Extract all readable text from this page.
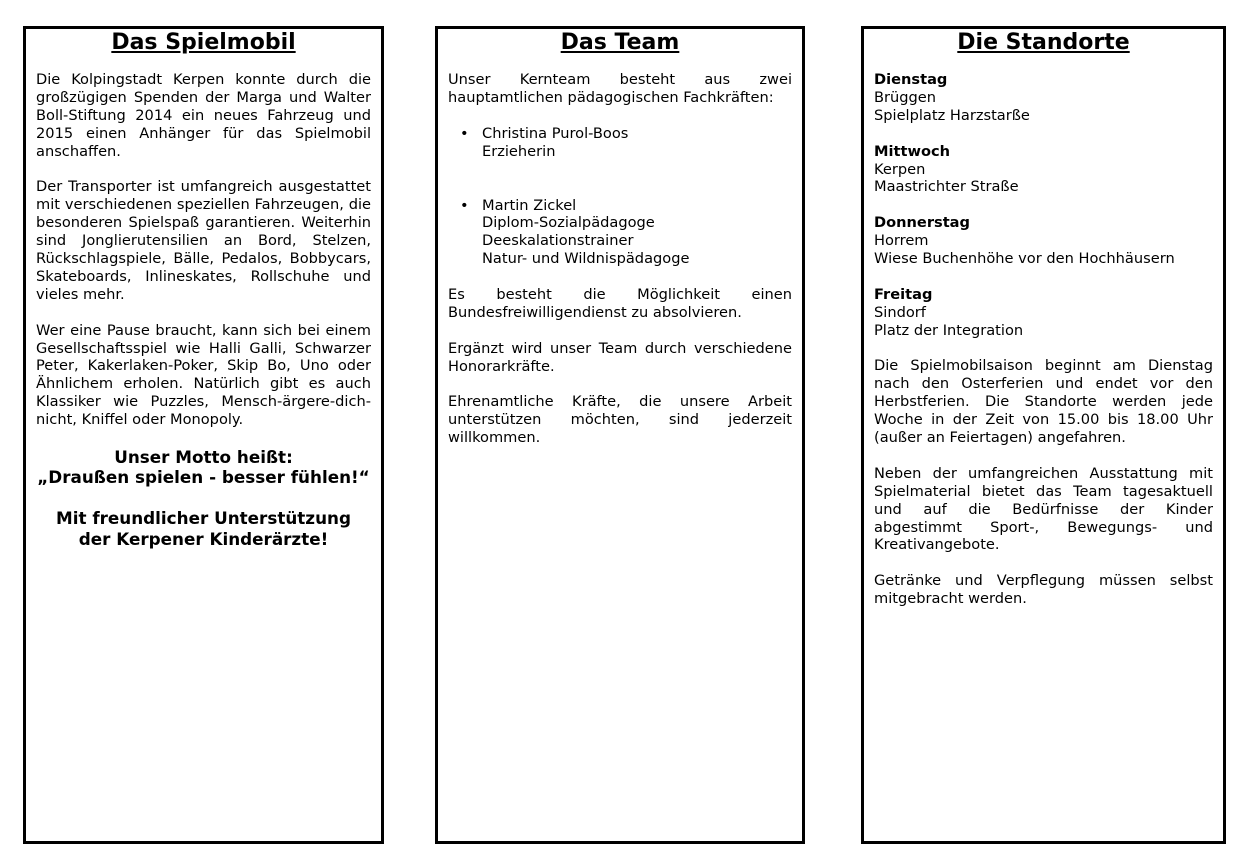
Das Spielmobil

Die Kolpingstadt Kerpen konnte durch die großzügigen Spenden der Marga und Walter Boll-Stiftung 2014 ein neues Fahrzeug und 2015 einen Anhänger für das Spielmobil anschaffen.

Der Transporter ist umfangreich ausgestattet mit verschiedenen speziellen Fahrzeugen, die besonderen Spielspaß garantieren. Weiterhin sind Jonglierutensilien an Bord, Stelzen, Rückschlagspiele, Bälle, Pedalos, Bobbycars, Skateboards, Inlineskates, Rollschuhe und vieles mehr.

Wer eine Pause braucht, kann sich bei einem Gesellschaftsspiel wie Halli Galli, Schwarzer Peter, Kakerlaken-Poker, Skip Bo, Uno oder Ähnlichem erholen. Natürlich gibt es auch Klassiker wie Puzzles, Mensch-ärgere-dich-nicht, Kniffel oder Monopoly.

Unser Motto heißt:
„Draußen spielen - besser fühlen!“
Mit freundlicher Unterstützung
der Kerpener Kinderärzte!
Das Team

Unser Kernteam besteht aus zwei hauptamtlichen pädagogischen Fachkräften:

• Christina Purol-Boos
Erzieherin
• Martin Zickel
Diplom-Sozialpädagoge
Deeskalationstrainer
Natur- und Wildnispädagoge

Es besteht die Möglichkeit einen Bundesfreiwilligendienst zu absolvieren.

Ergänzt wird unser Team durch verschiedene Honorarkräfte.

Ehrenamtliche Kräfte, die unsere Arbeit unterstützen möchten, sind jederzeit willkommen.

Die Standorte
Dienstag
Brüggen
Spielplatz Harzstarße
Mittwoch
Kerpen
Maastrichter Straße
Donnerstag
Horrem
Wiese Buchenhöhe vor den Hochhäusern
Freitag
Sindorf
Platz der Integration

Die Spielmobilsaison beginnt am Dienstag nach den Osterferien und endet vor den Herbstferien. Die Standorte werden jede Woche in der Zeit von 15.00 bis 18.00 Uhr (außer an Feiertagen) angefahren.

Neben der umfangreichen Ausstattung mit Spielmaterial bietet das Team tagesaktuell und auf die Bedürfnisse der Kinder abgestimmt Sport-, Bewegungs- und Kreativangebote.

Getränke und Verpflegung müssen selbst mitgebracht werden.
